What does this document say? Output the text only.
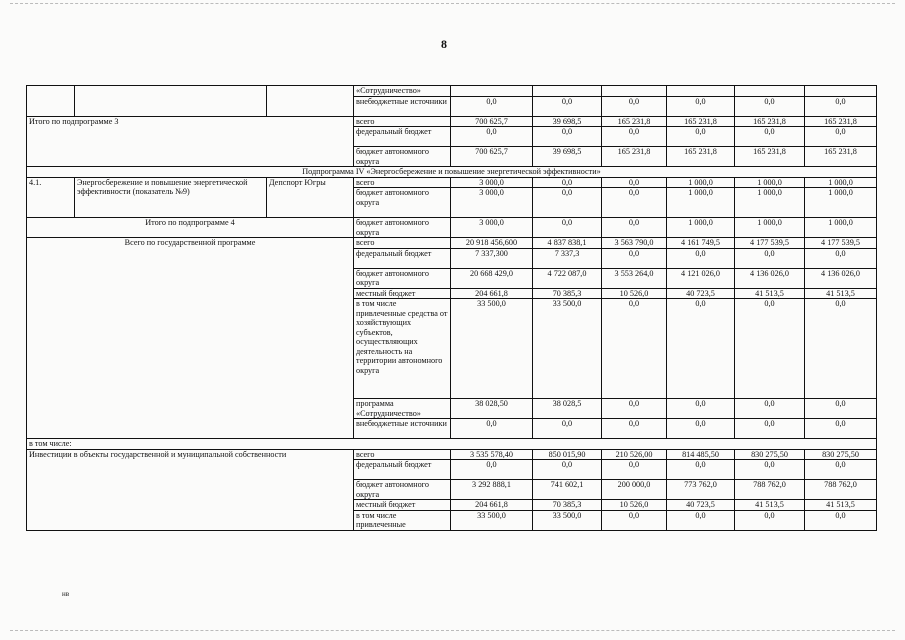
8
			«Сотрудничество»						
			внебюджетные источники	0,0	0,0	0,0	0,0	0,0	0,0
Итого по подпрограмме 3			всего	700 625,7	39 698,5	165 231,8	165 231,8	165 231,8	165 231,8
			федеральный бюджет	0,0	0,0	0,0	0,0	0,0	0,0
			бюджет автономного округа	700 625,7	39 698,5	165 231,8	165 231,8	165 231,8	165 231,8
Подпрограмма IV «Энергосбережение и повышение энергетической эффективности»									
4.1.	Энергосбережение и повышение энергетической эффективности (показатель №9)	Депспорт Югры	всего	3 000,0	0,0	0,0	1 000,0	1 000,0	1 000,0
			бюджет автономного округа	3 000,0	0,0	0,0	1 000,0	1 000,0	1 000,0
Итого по подпрограмме 4			бюджет автономного округа	3 000,0	0,0	0,0	1 000,0	1 000,0	1 000,0
Всего по государственной программе			всего	20 918 456,600	4 837 838,1	3 563 790,0	4 161 749,5	4 177 539,5	4 177 539,5
			федеральный бюджет	7 337,300	7 337,3	0,0	0,0	0,0	0,0
			бюджет автономного округа	20 668 429,0	4 722 087,0	3 553 264,0	4 121 026,0	4 136 026,0	4 136 026,0
			местный бюджет	204 661,8	70 385,3	10 526,0	40 723,5	41 513,5	41 513,5
			в том числе привлеченные средства от хозяйствующих субъектов, осуществляющих деятельность на территории автономного округа	33 500,0	33 500,0	0,0	0,0	0,0	0,0
			программа «Сотрудничество»	38 028,50	38 028,5	0,0	0,0	0,0	0,0
			внебюджетные источники	0,0	0,0	0,0	0,0	0,0	0,0
в том числе:									
Инвестиции в объекты государственной и муниципальной собственности			всего	3 535 578,40	850 015,90	210 526,00	814 485,50	830 275,50	830 275,50
			федеральный бюджет	0,0	0,0	0,0	0,0	0,0	0,0
			бюджет автономного округа	3 292 888,1	741 602,1	200 000,0	773 762,0	788 762,0	788 762,0
			местный бюджет	204 661,8	70 385,3	10 526,0	40 723,5	41 513,5	41 513,5
			в том числе привлеченные	33 500,0	33 500,0	0,0	0,0	0,0	0,0
нв
